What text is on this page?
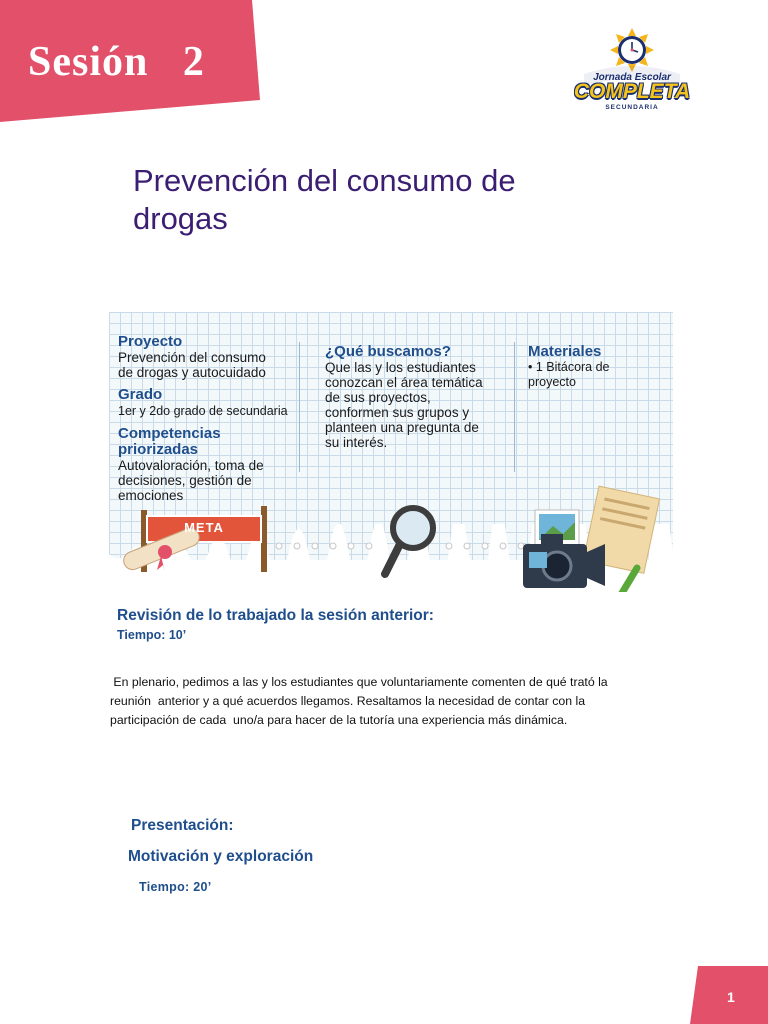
Sesión   2	Jornada Escolar
COMPLETA
SECUNDARIA
Prevención del consumo de
drogas
Proyecto
Prevención del consumo
de drogas y autocuidado
Grado
1er y 2do grado de secundaria
Competencias
priorizadas
Autovaloración, toma de
decisiones, gestión de
emociones
¿Qué buscamos?
Que las y los estudiantes
conozcan el área temática
de sus proyectos,
conformen sus grupos y
planteen una pregunta de
su interés.
Materiales
• 1 Bitácora de
proyecto
META
Revisión de lo trabajado la sesión anterior:
Tiempo: 10’
En plenario, pedimos a las y los estudiantes que voluntariamente comenten de qué trató la
reunión  anterior y a qué acuerdos llegamos. Resaltamos la necesidad de contar con la
participación de cada  uno/a para hacer de la tutoría una experiencia más dinámica.
Presentación:
Motivación y exploración
Tiempo: 20’
1
